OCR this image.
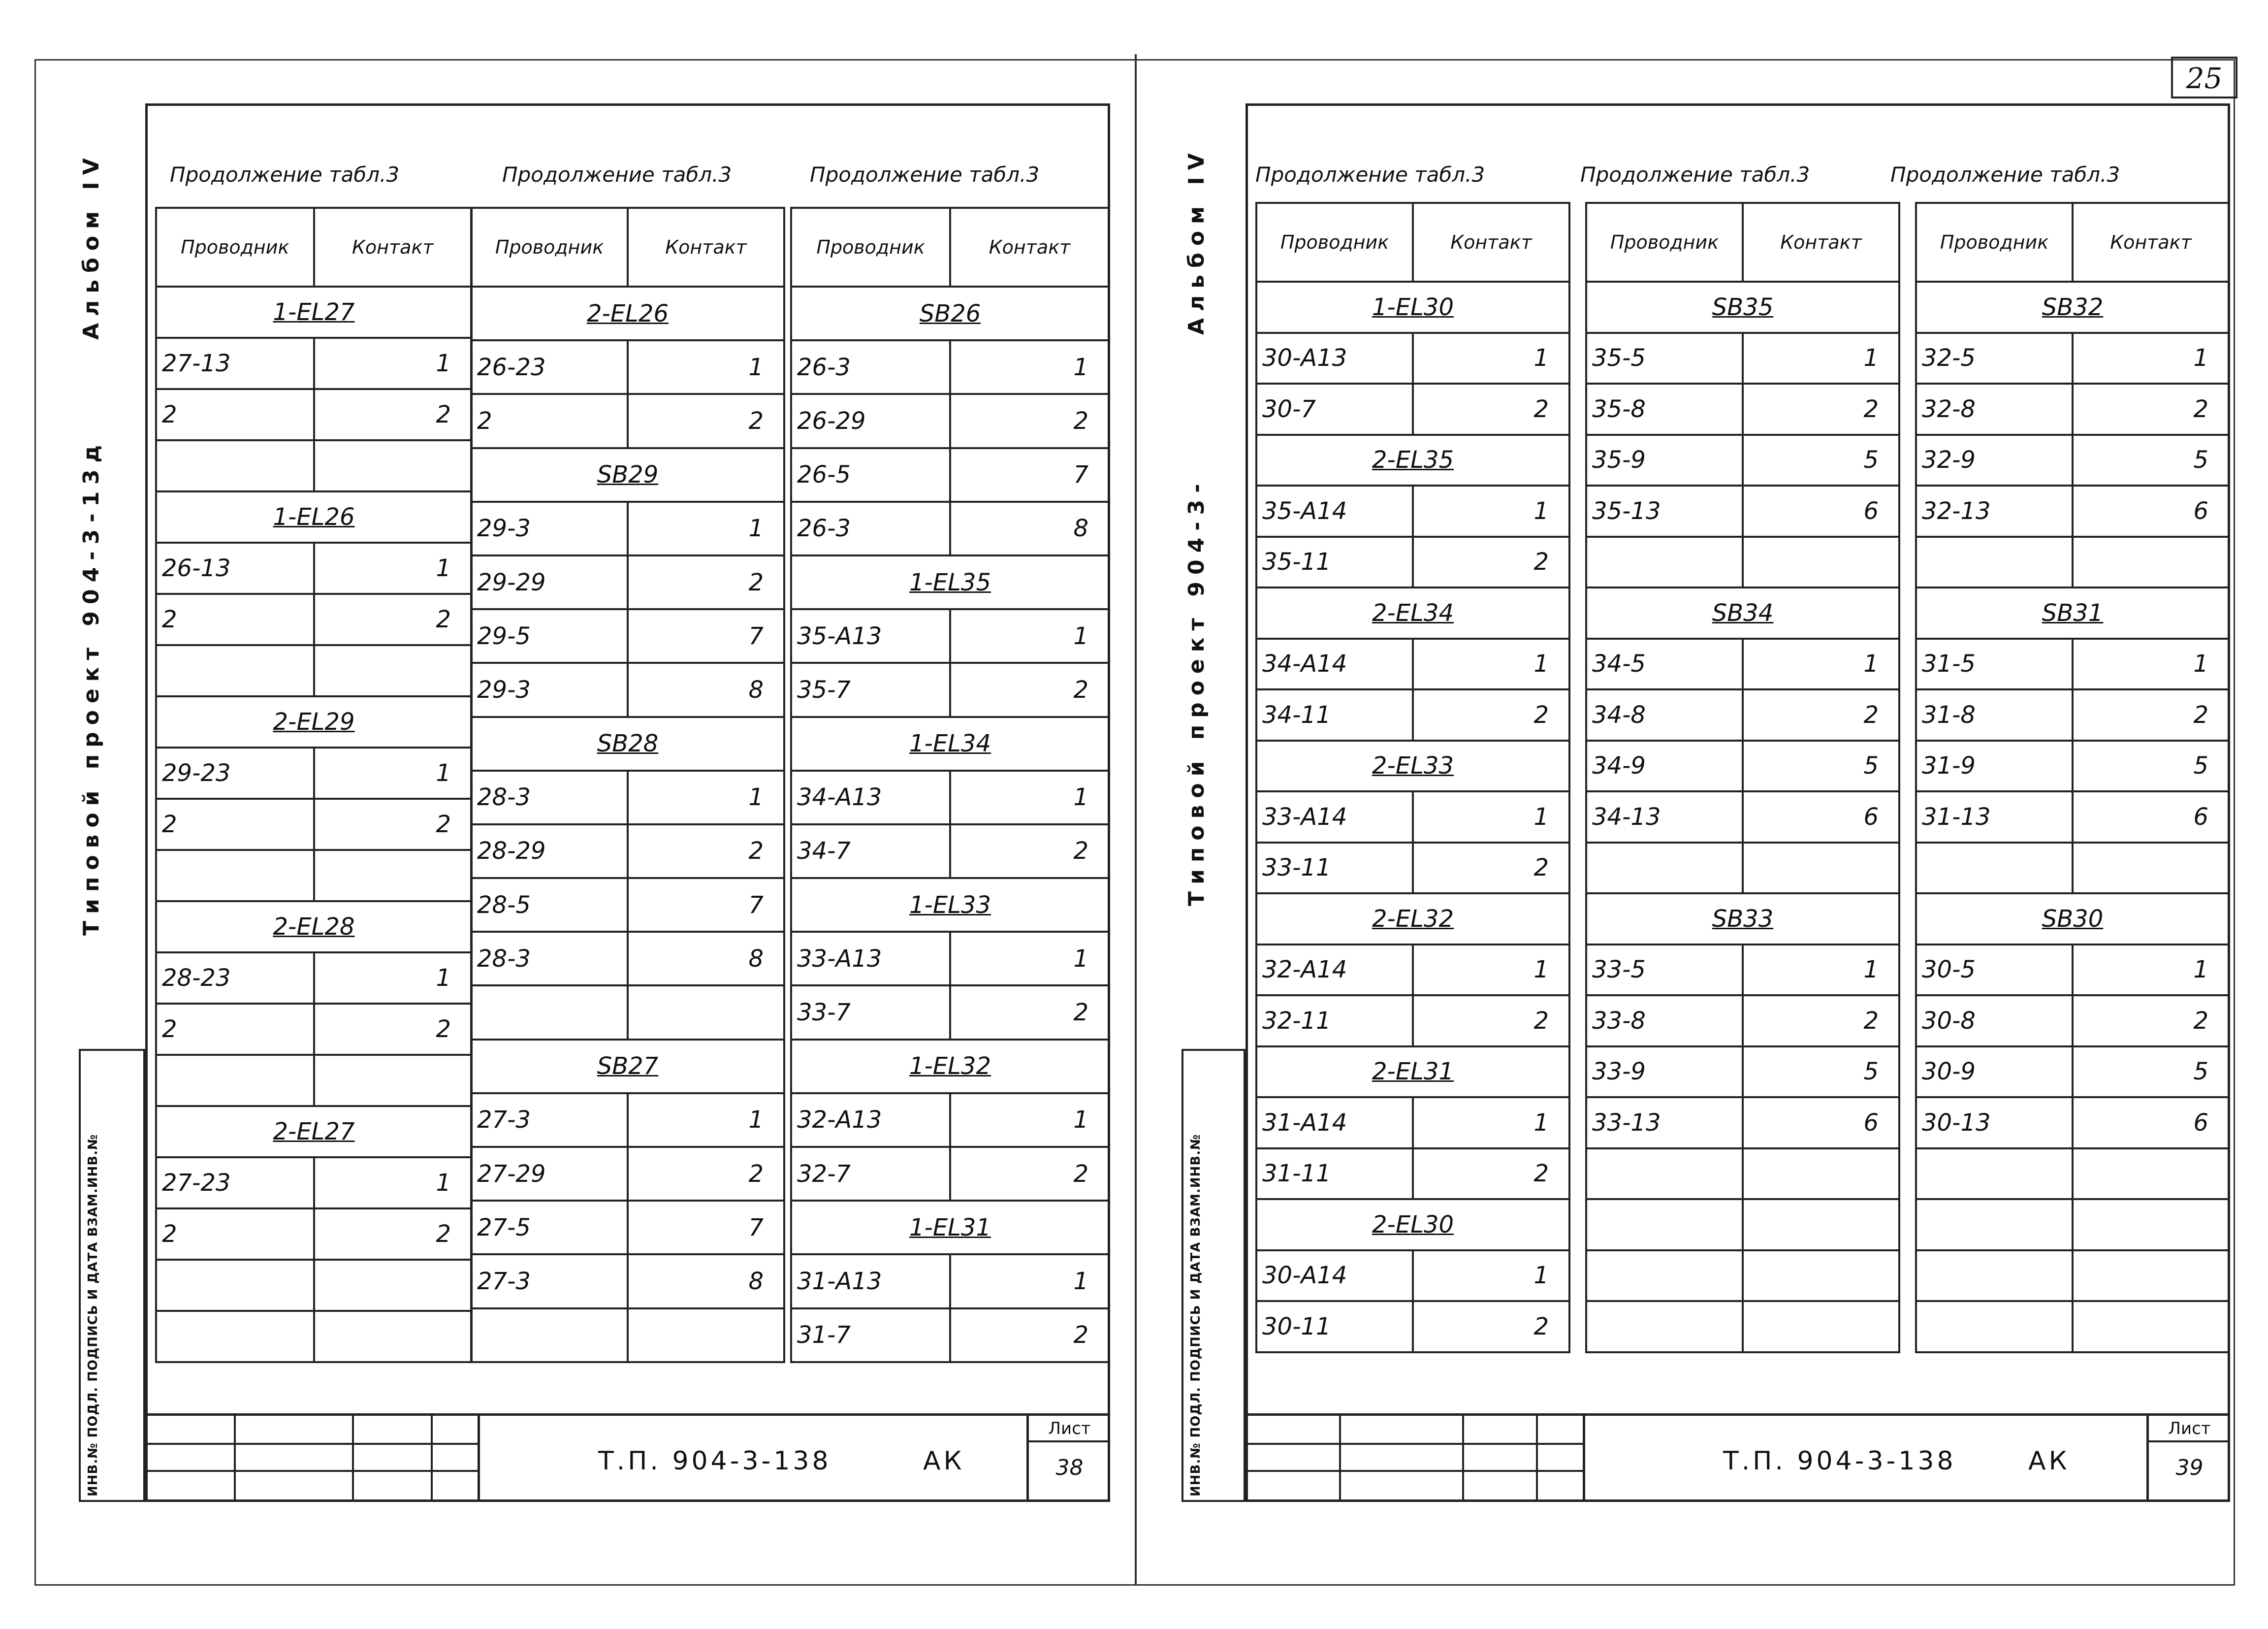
25
Типовой проект 904-3-13д
Альбом IV
ИНВ.№ ПОДЛ. ПОДПИСЬ И ДАТА ВЗАМ.ИНВ.№
Продолжение табл.3	Продолжение табл.3	Продолжение табл.3
Проводник	Контакт
1-EL27	
27-13	1
2	2

1-EL26	
26-13	1
2	2

2-EL29	
29-23	1
2	2

2-EL28	
28-23	1
2	2

2-EL27	
27-23	1
2	2

Проводник	Контакт
2-EL26	
26-23	1
2	2
SB29	
29-3	1
29-29	2
29-5	7
29-3	8
SB28	
28-3	1
28-29	2
28-5	7
28-3	8

SB27	
27-3	1
27-29	2
27-5	7
27-3	8

Проводник	Контакт
SB26	
26-3	1
26-29	2
26-5	7
26-3	8
1-EL35	
35-A13	1
35-7	2
1-EL34	
34-A13	1
34-7	2
1-EL33	
33-A13	1
33-7	2
1-EL32	
32-A13	1
32-7	2
1-EL31	
31-A13	1
31-7	2
Т.П. 904-3-138	АК
Лист
38
Типовой проект 904-3-
Альбом IV
ИНВ.№ ПОДЛ. ПОДПИСЬ И ДАТА ВЗАМ.ИНВ.№
Продолжение табл.3	Продолжение табл.3	Продолжение табл.3
Проводник	Контакт
1-EL30	
30-A13	1
30-7	2
2-EL35	
35-A14	1
35-11	2
2-EL34	
34-A14	1
34-11	2
2-EL33	
33-A14	1
33-11	2
2-EL32	
32-A14	1
32-11	2
2-EL31	
31-A14	1
31-11	2
2-EL30	
30-A14	1
30-11	2
Проводник	Контакт
SB35	
35-5	1
35-8	2
35-9	5
35-13	6

SB34	
34-5	1
34-8	2
34-9	5
34-13	6

SB33	
33-5	1
33-8	2
33-9	5
33-13	6

Проводник	Контакт
SB32	
32-5	1
32-8	2
32-9	5
32-13	6

SB31	
31-5	1
31-8	2
31-9	5
31-13	6

SB30	
30-5	1
30-8	2
30-9	5
30-13	6

Т.П. 904-3-138	АК
Лист
39
